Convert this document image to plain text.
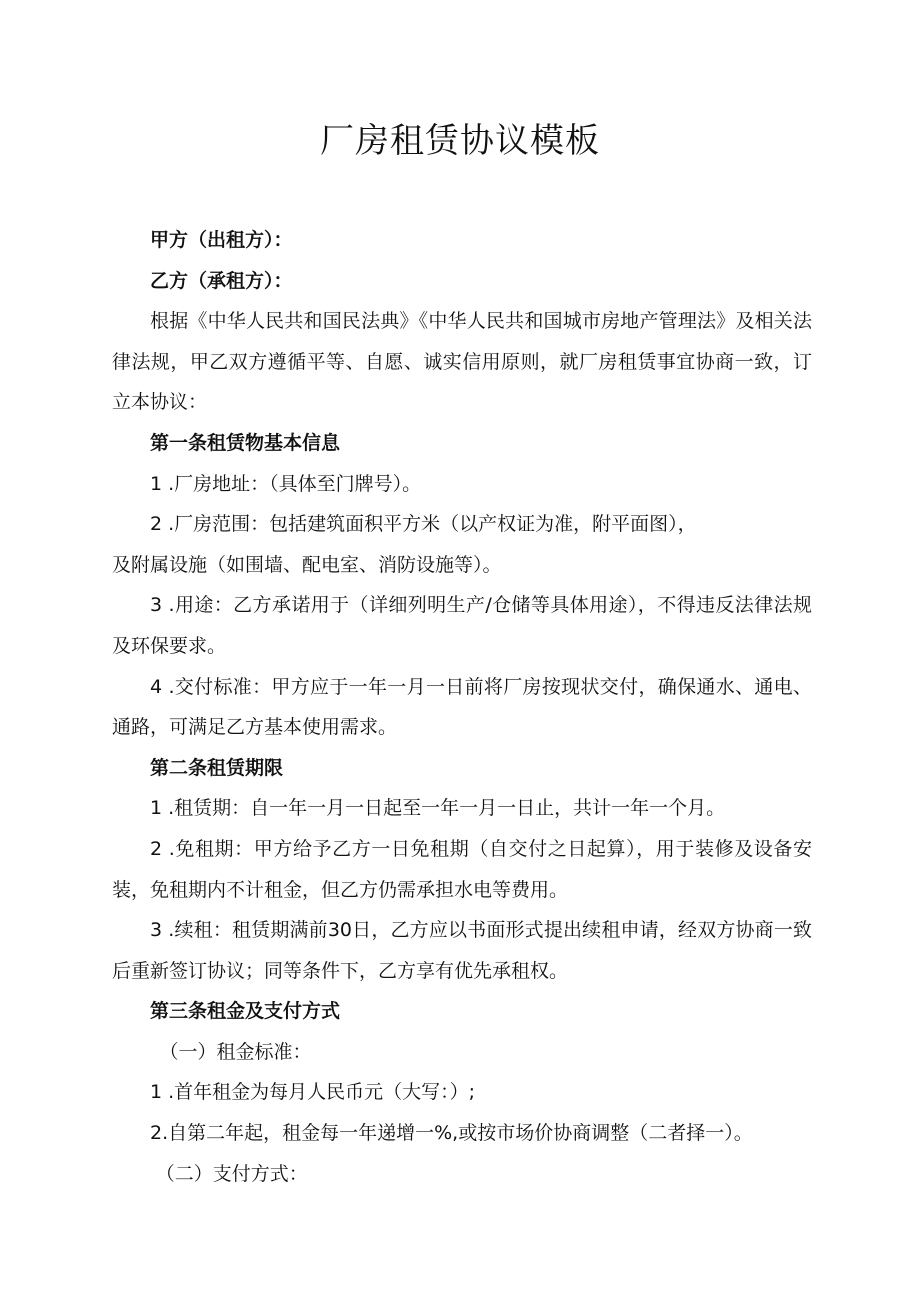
厂房租赁协议模板

甲方（出租方）：

乙方（承租方）：

根据《中华人民共和国民法典》《中华人民共和国城市房地产管理法》及相关法律法规，甲乙双方遵循平等、自愿、诚实信用原则，就厂房租赁事宜协商一致，订立本协议：

第一条租赁物基本信息

1 .厂房地址：（具体至门牌号）。

2 .厂房范围：包括建筑面积平方米（以产权证为准，附平面图），

及附属设施（如围墙、配电室、消防设施等）。

3 .用途：乙方承诺用于（详细列明生产/仓储等具体用途），不得违反法律法规及环保要求。

4 .交付标准：甲方应于一年一月一日前将厂房按现状交付，确保通水、通电、通路，可满足乙方基本使用需求。

第二条租赁期限

1 .租赁期：自一年一月一日起至一年一月一日止，共计一年一个月。

2 .免租期：甲方给予乙方一日免租期（自交付之日起算），用于装修及设备安装，免租期内不计租金，但乙方仍需承担水电等费用。

3 .续租：租赁期满前30日，乙方应以书面形式提出续租申请，经双方协商一致后重新签订协议；同等条件下，乙方享有优先承租权。

第三条租金及支付方式

（一）租金标准：

1 .首年租金为每月人民币元（大写：）;

2.自第二年起，租金每一年递增一%,或按市场价协商调整（二者择一）。

（二）支付方式：
